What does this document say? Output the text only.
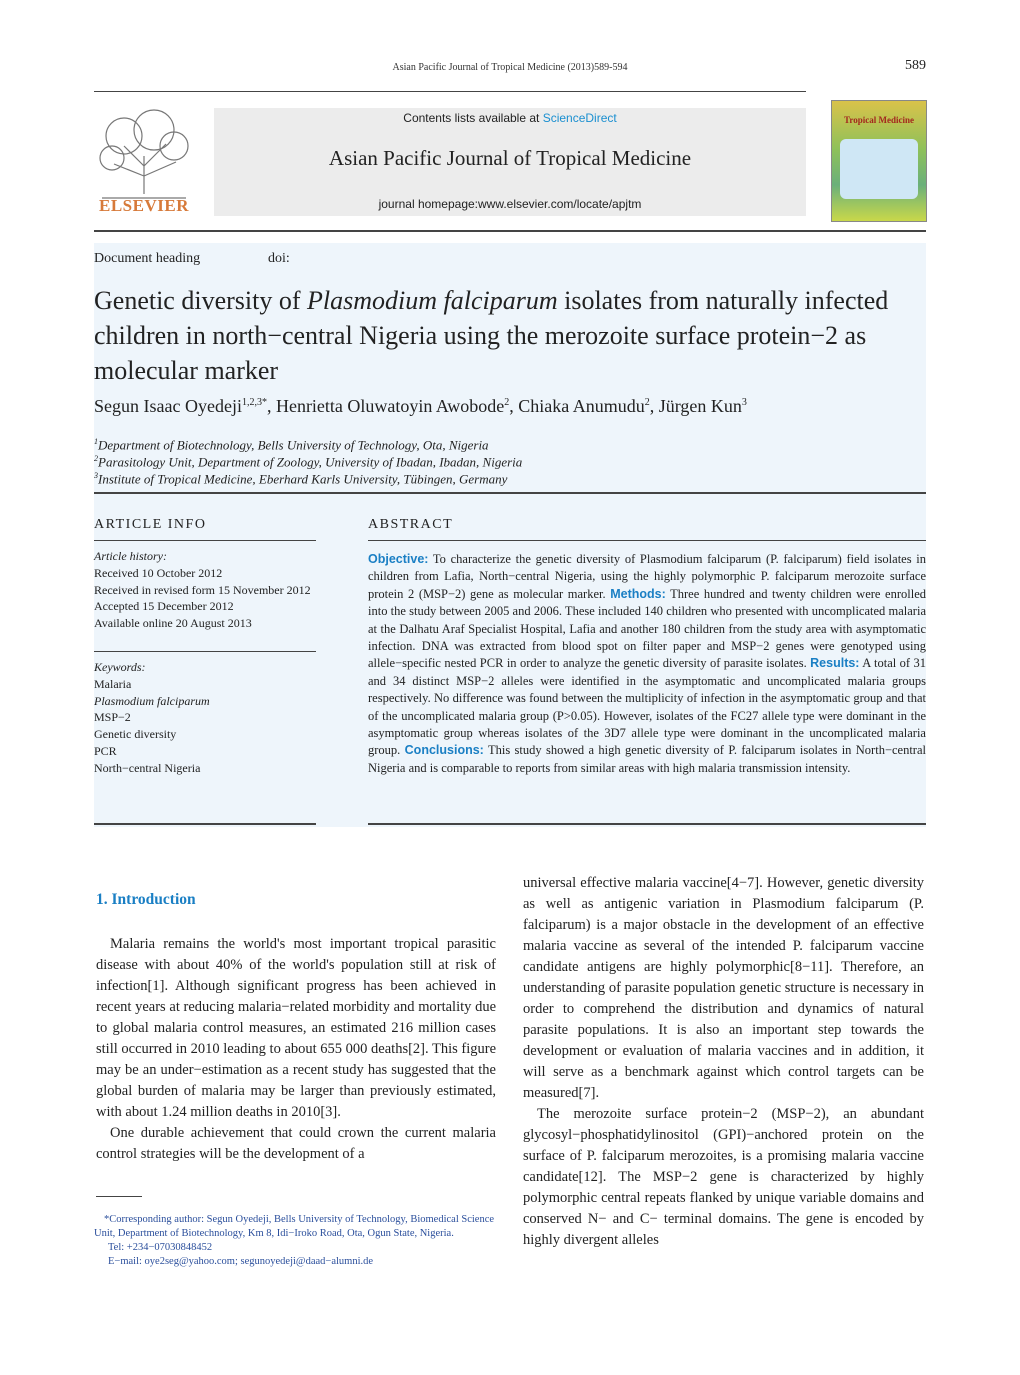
Asian Pacific Journal of Tropical Medicine (2013)589-594	589
ELSEVIER
Contents lists available at ScienceDirect
Asian Pacific Journal of Tropical Medicine
journal homepage:www.elsevier.com/locate/apjtm
Tropical Medicine
Document heading	doi:
Genetic diversity of Plasmodium falciparum isolates from naturally infected children in north−central Nigeria using the merozoite surface protein−2 as molecular marker
Segun Isaac Oyedeji$^{1,2,3*}$, Henrietta Oluwatoyin Awobode$^2$, Chiaka Anumudu$^2$, Jürgen Kun$^3$
$^1$Department of Biotechnology, Bells University of Technology, Ota, Nigeria
$^2$Parasitology Unit, Department of Zoology, University of Ibadan, Ibadan, Nigeria
$^3$Institute of Tropical Medicine, Eberhard Karls University, Tübingen, Germany
ARTICLE INFO
Article history:
Received 10 October 2012
Received in revised form 15 November 2012
Accepted 15 December 2012
Available online 20 August 2013
Keywords:
Malaria
Plasmodium falciparum
MSP−2
Genetic diversity
PCR
North−central Nigeria
ABSTRACT
Objective: To characterize the genetic diversity of Plasmodium falciparum (P. falciparum) field isolates in children from Lafia, North−central Nigeria, using the highly polymorphic P. falciparum merozoite surface protein 2 (MSP−2) gene as molecular marker. Methods: Three hundred and twenty children were enrolled into the study between 2005 and 2006. These included 140 children who presented with uncomplicated malaria at the Dalhatu Araf Specialist Hospital, Lafia and another 180 children from the study area with asymptomatic infection. DNA was extracted from blood spot on filter paper and MSP−2 genes were genotyped using allele−specific nested PCR in order to analyze the genetic diversity of parasite isolates. Results: A total of 31 and 34 distinct MSP−2 alleles were identified in the asymptomatic and uncomplicated malaria groups respectively. No difference was found between the multiplicity of infection in the asymptomatic group and that of the uncomplicated malaria group (P>0.05). However, isolates of the FC27 allele type were dominant in the asymptomatic group whereas isolates of the 3D7 allele type were dominant in the uncomplicated malaria group. Conclusions: This study showed a high genetic diversity of P. falciparum isolates in North−central Nigeria and is comparable to reports from similar areas with high malaria transmission intensity.
1. Introduction

Malaria remains the world's most important tropical parasitic disease with about 40% of the world's population still at risk of infection[1]. Although significant progress has been achieved in recent years at reducing malaria−related morbidity and mortality due to global malaria control measures, an estimated 216 million cases still occurred in 2010 leading to about 655 000 deaths[2]. This figure may be an under−estimation as a recent study has suggested that the global burden of malaria may be larger than previously estimated, with about 1.24 million deaths in 2010[3].

One durable achievement that could crown the current malaria control strategies will be the development of a

universal effective malaria vaccine[4−7]. However, genetic diversity as well as antigenic variation in Plasmodium falciparum (P. falciparum) is a major obstacle in the development of an effective malaria vaccine as several of the intended P. falciparum vaccine candidate antigens are highly polymorphic[8−11]. Therefore, an understanding of parasite population genetic structure is necessary in order to comprehend the distribution and dynamics of natural parasite populations. It is also an important step towards the development or evaluation of malaria vaccines and in addition, it will serve as a benchmark against which control targets can be measured[7].

The merozoite surface protein−2 (MSP−2), an abundant glycosyl−phosphatidylinositol (GPI)−anchored protein on the surface of P. falciparum merozoites, is a promising malaria vaccine candidate[12]. The MSP−2 gene is characterized by highly polymorphic central repeats flanked by unique variable domains and conserved N− and C− terminal domains. The gene is encoded by highly divergent alleles

*Corresponding author: Segun Oyedeji, Bells University of Technology, Biomedical Science Unit, Department of Biotechnology, Km 8, Idi−Iroko Road, Ota, Ogun State, Nigeria.
Tel: +234−07030848452
E−mail: oye2seg@yahoo.com; segunoyedeji@daad−alumni.de
